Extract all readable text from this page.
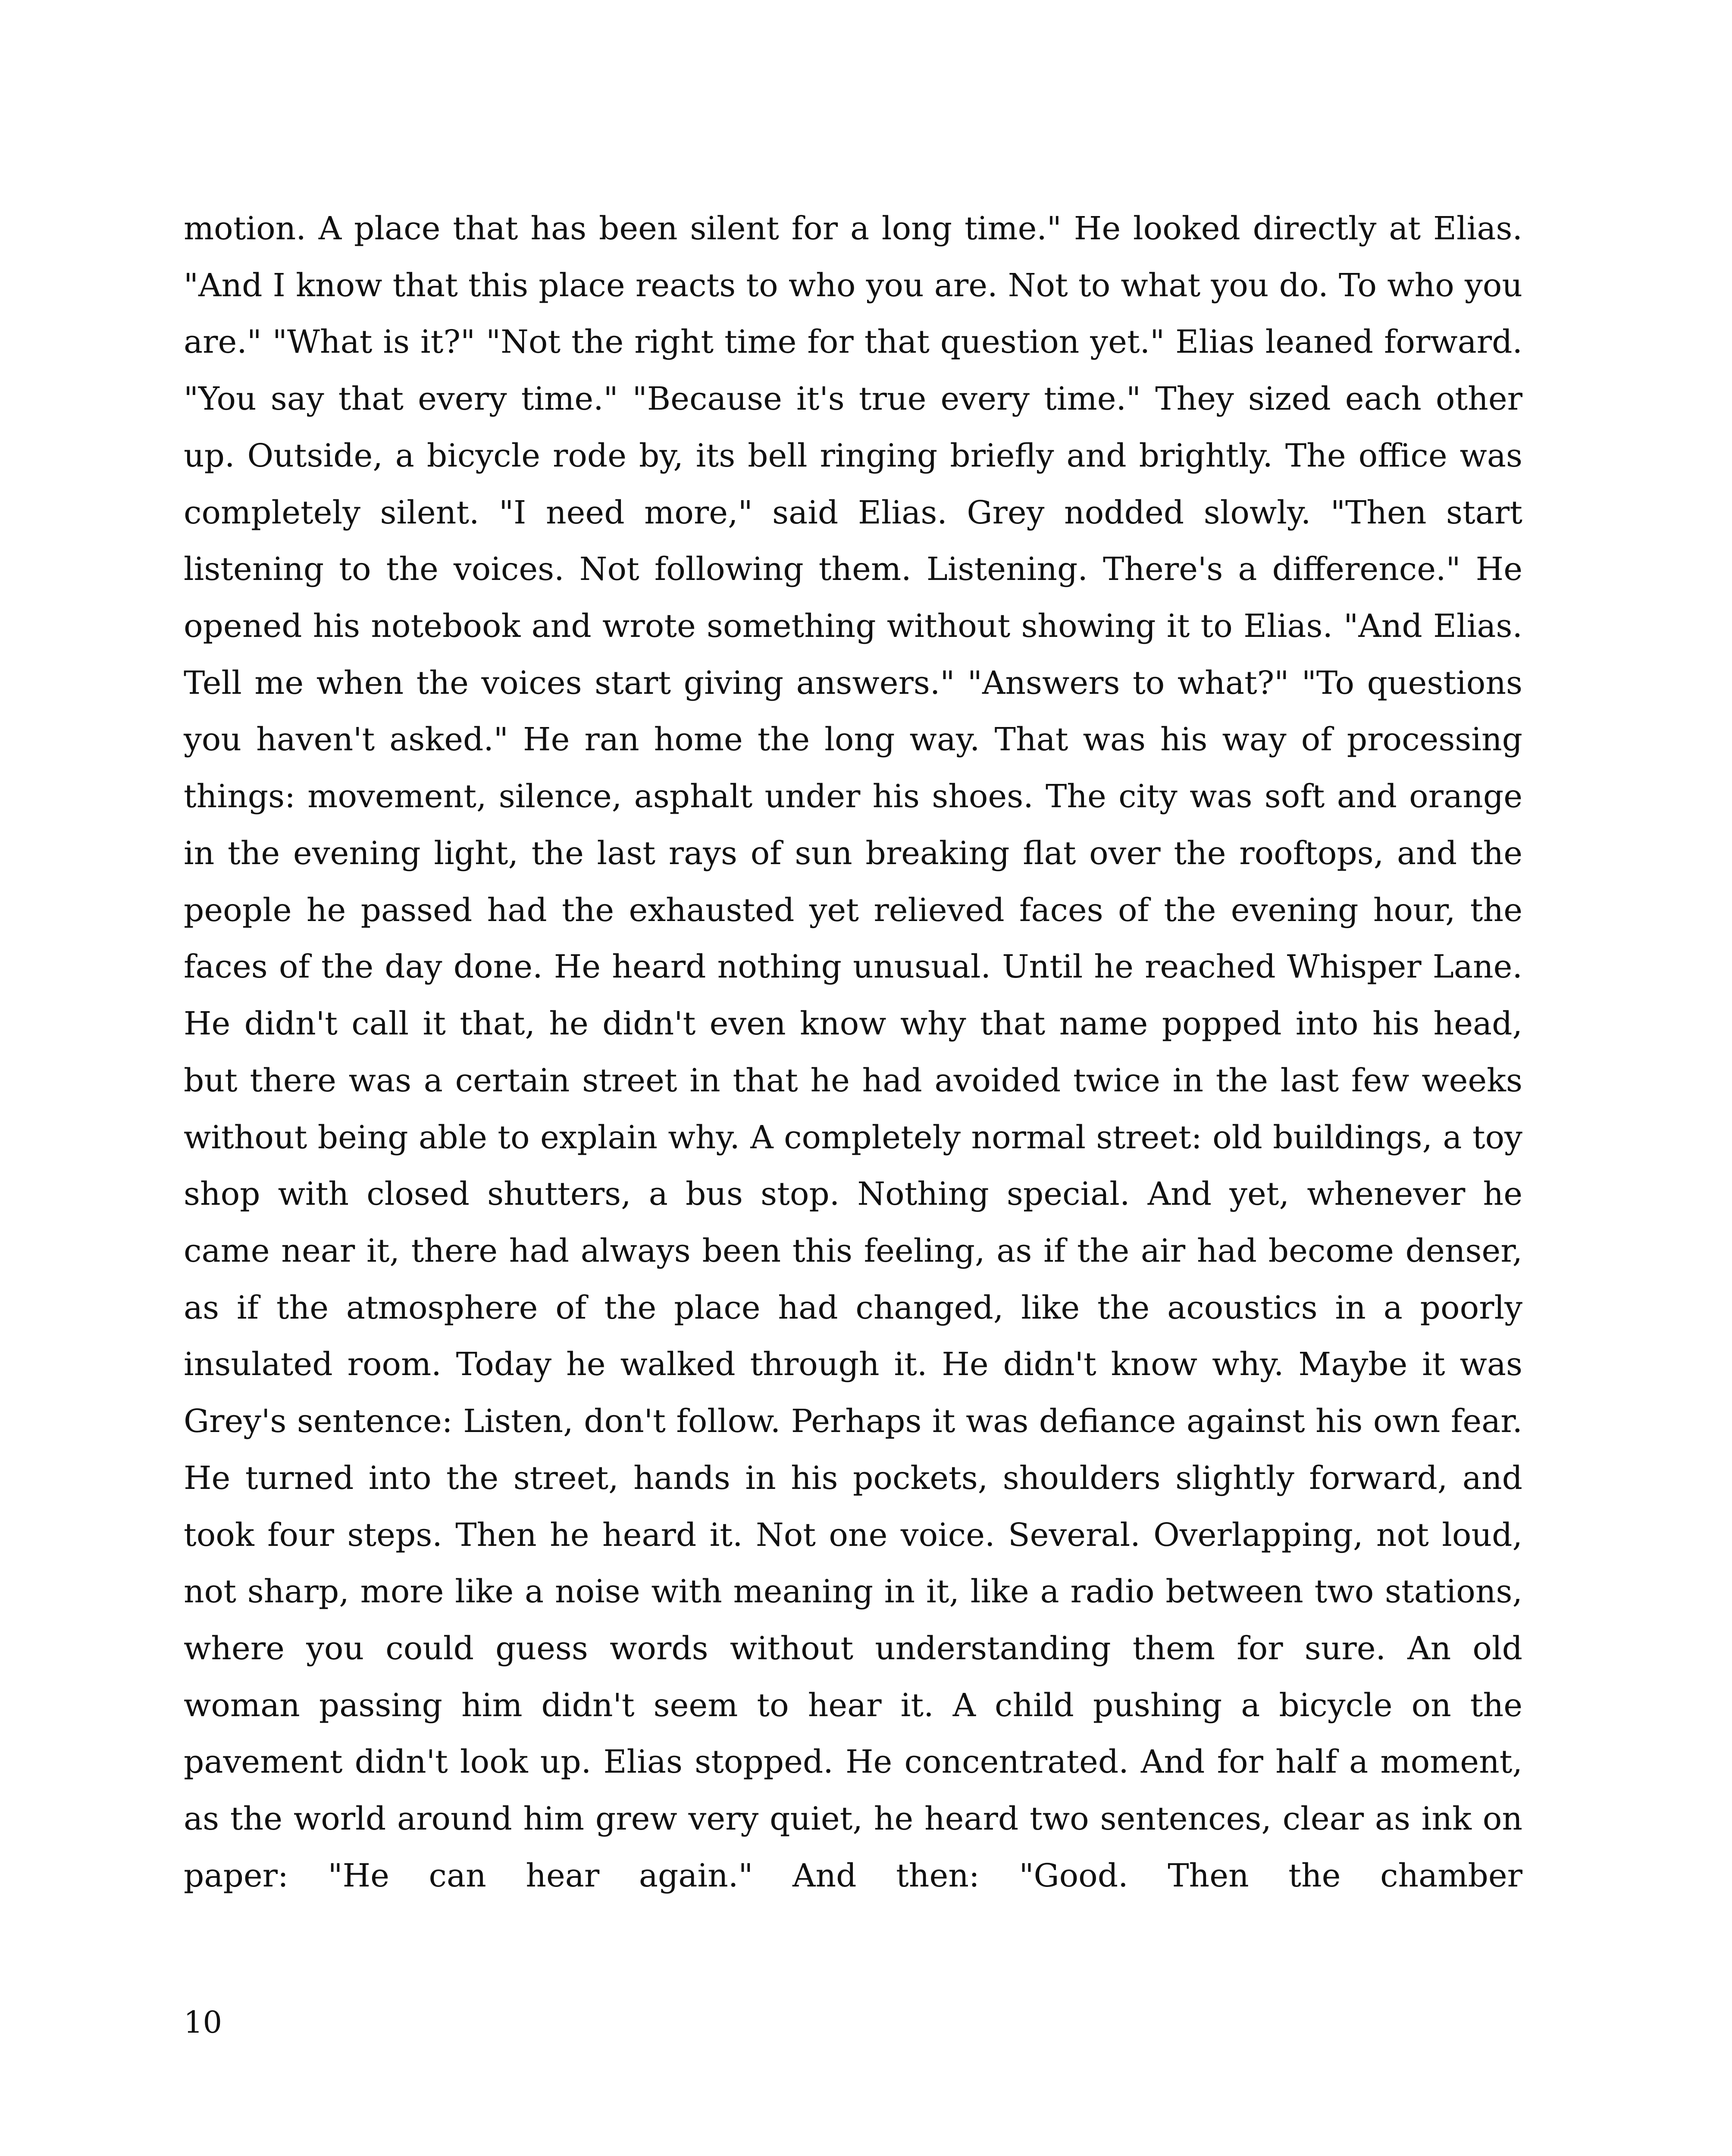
motion. A place that has been silent for a long time." He looked directly at Elias. "And I know that this place reacts to who you are. Not to what you do. To who you are." "What is it?" "Not the right time for that question yet." Elias leaned forward. "You say that every time." "Because it's true every time." They sized each other up. Outside, a bicycle rode by, its bell ringing briefly and brightly. The office was completely silent. "I need more," said Elias. Grey nodded slowly. "Then start listening to the voices. Not following them. Listening. There's a difference." He opened his notebook and wrote something without showing it to Elias. "And Elias. Tell me when the voices start giving answers." "Answers to what?" "To questions you haven't asked." He ran home the long way. That was his way of processing things: movement, silence, asphalt under his shoes. The city was soft and orange in the evening light, the last rays of sun breaking flat over the rooftops, and the people he passed had the exhausted yet relieved faces of the evening hour, the faces of the day done. He heard nothing unusual. Until he reached Whisper Lane. He didn't call it that, he didn't even know why that name popped into his head, but there was a certain street in that he had avoided twice in the last few weeks without being able to explain why. A completely normal street: old buildings, a toy shop with closed shutters, a bus stop. Nothing special. And yet, whenever he came near it, there had always been this feeling, as if the air had become denser, as if the atmosphere of the place had changed, like the acoustics in a poorly insulated room. Today he walked through it. He didn't know why. Maybe it was Grey's sentence: Listen, don't follow. Perhaps it was defiance against his own fear. He turned into the street, hands in his pockets, shoulders slightly forward, and took four steps. Then he heard it. Not one voice. Several. Overlapping, not loud, not sharp, more like a noise with meaning in it, like a radio between two stations, where you could guess words without understanding them for sure. An old woman passing him didn't seem to hear it. A child pushing a bicycle on the pavement didn't look up. Elias stopped. He concentrated. And for half a moment, as the world around him grew very quiet, he heard two sentences, clear as ink on paper: "He can hear again." And then: "Good. Then the chamber

10
